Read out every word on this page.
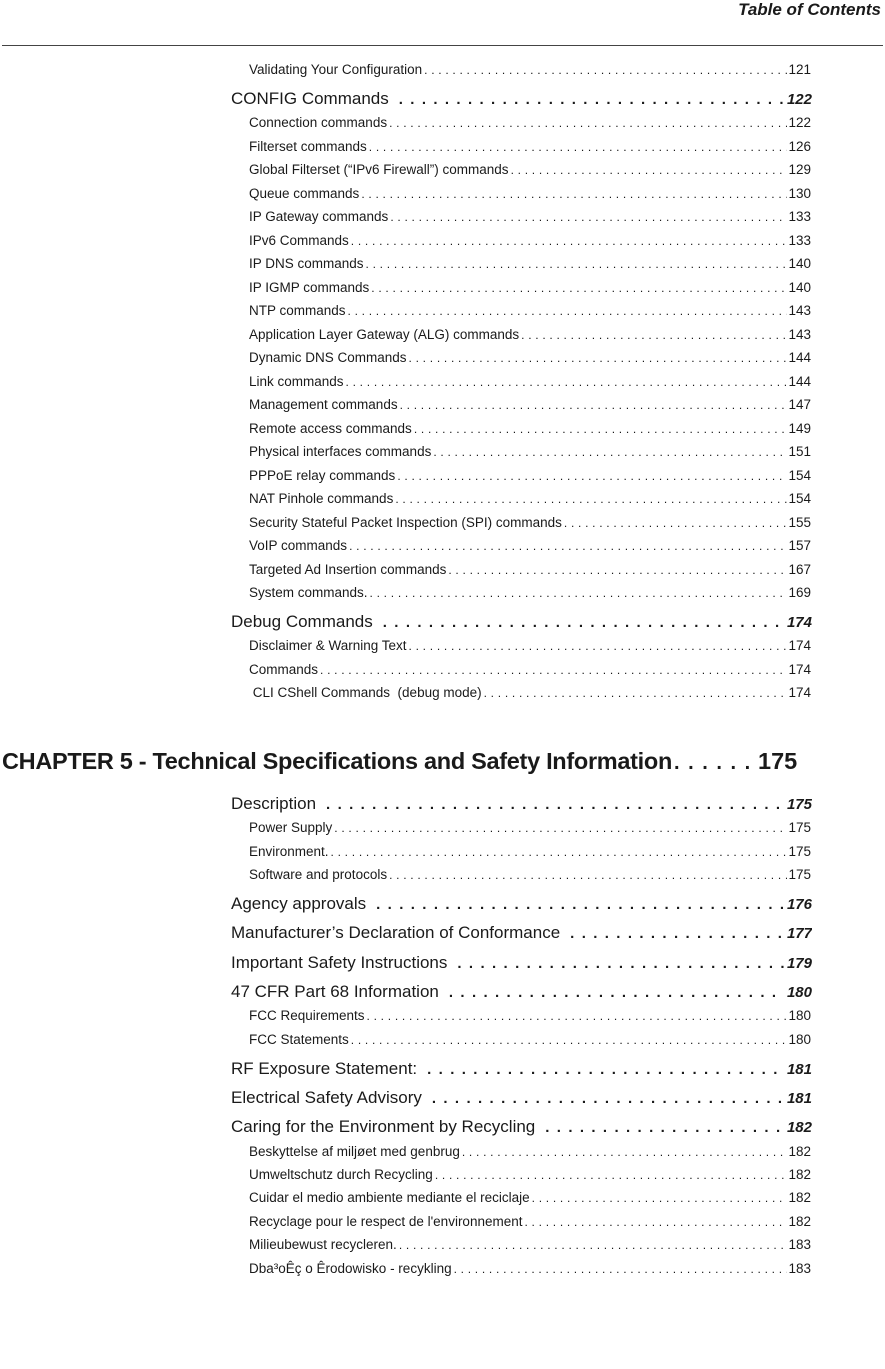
Table of Contents
Validating Your Configuration . . .	121
CONFIG Commands . . .	122
Connection commands . . .	122
Filterset commands . . .	126
Global Filterset (“IPv6 Firewall”) commands . . .	129
Queue commands . . .	130
IP Gateway commands . . .	133
IPv6 Commands . . .	133
IP DNS commands . . .	140
IP IGMP commands . . .	140
NTP commands . . .	143
Application Layer Gateway (ALG) commands . . .	143
Dynamic DNS Commands . . .	144
Link commands . . .	144
Management commands . . .	147
Remote access commands . . .	149
Physical interfaces commands . . .	151
PPPoE relay commands . . .	154
NAT Pinhole commands . . .	154
Security Stateful Packet Inspection (SPI) commands . . .	155
VoIP commands . . .	157
Targeted Ad Insertion commands . . .	167
System commands. . . .	169
Debug Commands . . .	174
Disclaimer & Warning Text . . .	174
Commands . . .	174
CLI CShell Commands  (debug mode) . . .	174
CHAPTER 5 - Technical Specifications and Safety Information . . .	175
Description . . .	175
Power Supply . . .	175
Environment. . . .	175
Software and protocols . . .	175
Agency approvals . . .	176
Manufacturer’s Declaration of Conformance . . .	177
Important Safety Instructions . . .	179
47 CFR Part 68 Information . . .	180
FCC Requirements . . .	180
FCC Statements . . .	180
RF Exposure Statement: . . .	181
Electrical Safety Advisory . . .	181
Caring for the Environment by Recycling . . .	182
Beskyttelse af miljøet med genbrug . . .	182
Umweltschutz durch Recycling . . .	182
Cuidar el medio ambiente mediante el reciclaje . . .	182
Recyclage pour le respect de l'environnement . . .	182
Milieubewust recycleren. . . .	183
Dba³oÊç o Êrodowisko - recykling . . .	183
